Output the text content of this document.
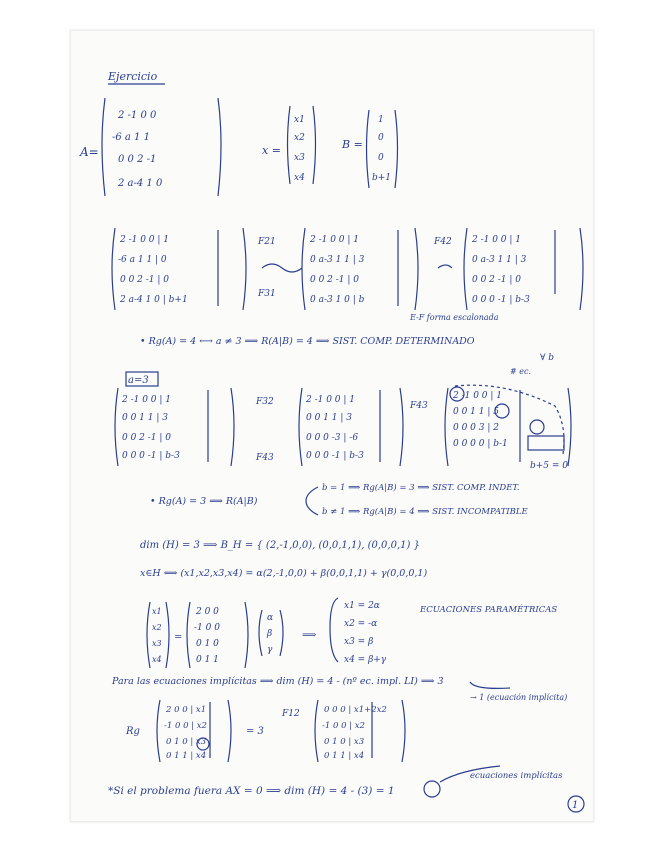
Ejercicio
A=
2 -1 0 0
-6 a 1 1
0 0 2 -1
2 a-4 1 0
x =
x1
x2
x3
x4
B =
1
0
0
b+1
2 -1 0 0 | 1
-6 a 1 1 | 0
0 0 2 -1 | 0
2 a-4 1 0 | b+1
F21
F31
2 -1 0 0 | 1
0 a-3 1 1 | 3
0 0 2 -1 | 0
0 a-3 1 0 | b
F42 2 -1 0 0 | 1
0 a-3 1 1 | 3
0 0 2 -1 | 0
0 0 0 -1 | b-3
E-F forma escalonada
• Rg(A) = 4 ⟷ a ≠ 3 ⟹ R(A|B) = 4 ⟹ SIST. COMP. DETERMINADO
∀ b
a=3
# ec.
2 -1 0 0 | 1
0 0 1 1 | 3
0 0 2 -1 | 0
0 0 0 -1 | b-3
F32
F43
2 -1 0 0 | 1
0 0 1 1 | 3
0 0 0 -3 | -6
0 0 0 -1 | b-3
F43
2 -1 0 0 | 1
0 0 1 1 | 5
0 0 0 3 | 2
0 0 0 0 | b-1
b+5 = 0
• Rg(A) = 3 ⟹ R(A|B)
b = 1 ⟹ Rg(A|B) = 3 ⟹ SIST. COMP. INDET.
b ≠ 1 ⟹ Rg(A|B) = 4 ⟹ SIST. INCOMPATIBLE
dim (H) = 3 ⟹ B_H = { (2,-1,0,0), (0,0,1,1), (0,0,0,1) }
x∈H ⟺ (x1,x2,x3,x4) = α(2,-1,0,0) + β(0,0,1,1) + γ(0,0,0,1)
x1
x2
x3
x4
=
2 0 0
-1 0 0
0 1 0
0 1 1
α
β
γ
⟹
x1 = 2α
x2 = -α
x3 = β
x4 = β+γ
ECUACIONES PARAMÉTRICAS
Para las ecuaciones implícitas ⟹ dim (H) = 4 - (nº ec. impl. LI) ⟹ 3
→ 1 (ecuación implícita)
Rg
2 0 0 | x1
-1 0 0 | x2
0 1 0 | x3
0 1 1 | x4
= 3
F12	0 0 0 | x1+2x2
-1 0 0 | x2
0 1 0 | x3
0 1 1 | x4
*Si el problema fuera AX = 0 ⟹ dim (H) = 4 - (3) = 1
ecuaciones implícitas
1
